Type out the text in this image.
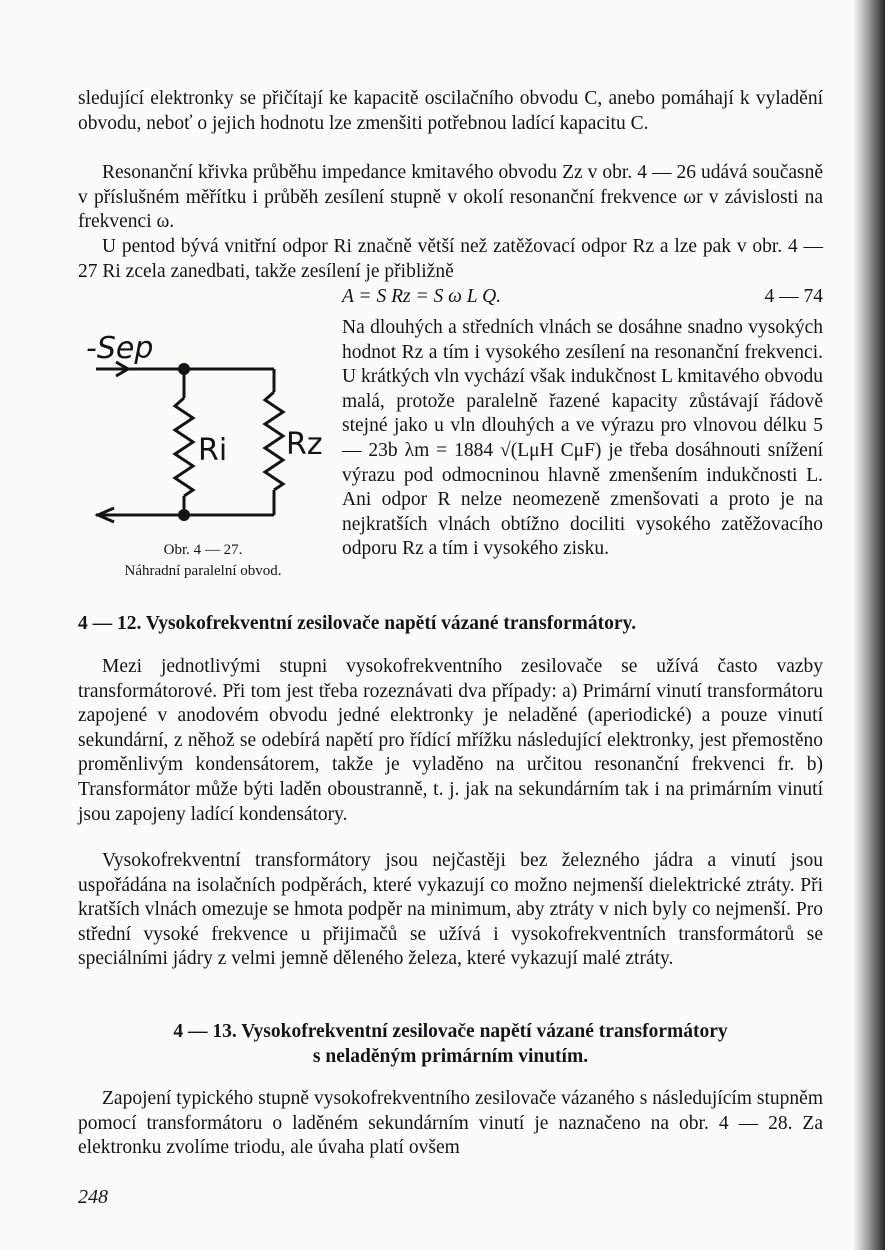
sledující elektronky se přičítají ke kapacitě oscilačního obvodu C, anebo pomáhají k vyladění obvodu, neboť o jejich hodnotu lze zmenšiti potřebnou ladící kapacitu C.

Resonanční křivka průběhu impedance kmitavého obvodu Zz v obr. 4 — 26 udává současně v příslušném měřítku i průběh zesílení stupně v okolí resonanční frekvence ωr v závislosti na frekvenci ω.

U pentod bývá vnitřní odpor Ri značně větší než zatěžovací odpor Rz a lze pak v obr. 4 — 27 Ri zcela zanedbati, takže zesílení je přibližně

A = S Rz = S ω L Q.	4 — 74
-Sep
Ri Rz
Obr. 4 — 27.
Náhradní paralelní obvod.

Na dlouhých a středních vlnách se dosáhne snadno vysokých hodnot Rz a tím i vysokého zesílení na resonanční frekvenci. U krátkých vln vychází však indukčnost L kmitavého obvodu malá, protože paralelně řazené kapacity zůstávají řádově stejné jako u vln dlouhých a ve výrazu pro vlnovou délku 5 — 23b λm = 1884 √(LμH CμF) je třeba dosáhnouti snížení výrazu pod odmocninou hlavně zmenšením indukčnosti L. Ani odpor R nelze neomezeně zmenšovati a proto je na nejkratších vlnách obtížno dociliti vysokého zatěžovacího odporu Rz a tím i vysokého zisku.

4 — 12. Vysokofrekventní zesilovače napětí vázané transformátory.

Mezi jednotlivými stupni vysokofrekventního zesilovače se užívá často vazby transformátorové. Při tom jest třeba rozeznávati dva případy: a) Primární vinutí transformátoru zapojené v anodovém obvodu jedné elektronky je neladěné (aperiodické) a pouze vinutí sekundární, z něhož se odebírá napětí pro řídící mřížku následující elektronky, jest přemostěno proměnlivým kondensátorem, takže je vyladěno na určitou resonanční frekvenci fr. b) Transformátor může býti laděn oboustranně, t. j. jak na sekundárním tak i na primárním vinutí jsou zapojeny ladící kondensátory.

Vysokofrekventní transformátory jsou nejčastěji bez železného jádra a vinutí jsou uspořádána na isolačních podpěrách, které vykazují co možno nejmenší dielektrické ztráty. Při kratších vlnách omezuje se hmota podpěr na minimum, aby ztráty v nich byly co nejmenší. Pro střední vysoké frekvence u přijimačů se užívá i vysokofrekventních transformátorů se speciálními jádry z velmi jemně děleného železa, které vykazují malé ztráty.

4 — 13. Vysokofrekventní zesilovače napětí vázané transformátory
s neladěným primárním vinutím.

Zapojení typického stupně vysokofrekventního zesilovače vázaného s následujícím stupněm pomocí transformátoru o laděném sekundárním vinutí je naznačeno na obr. 4 — 28. Za elektronku zvolíme triodu, ale úvaha platí ovšem

248
